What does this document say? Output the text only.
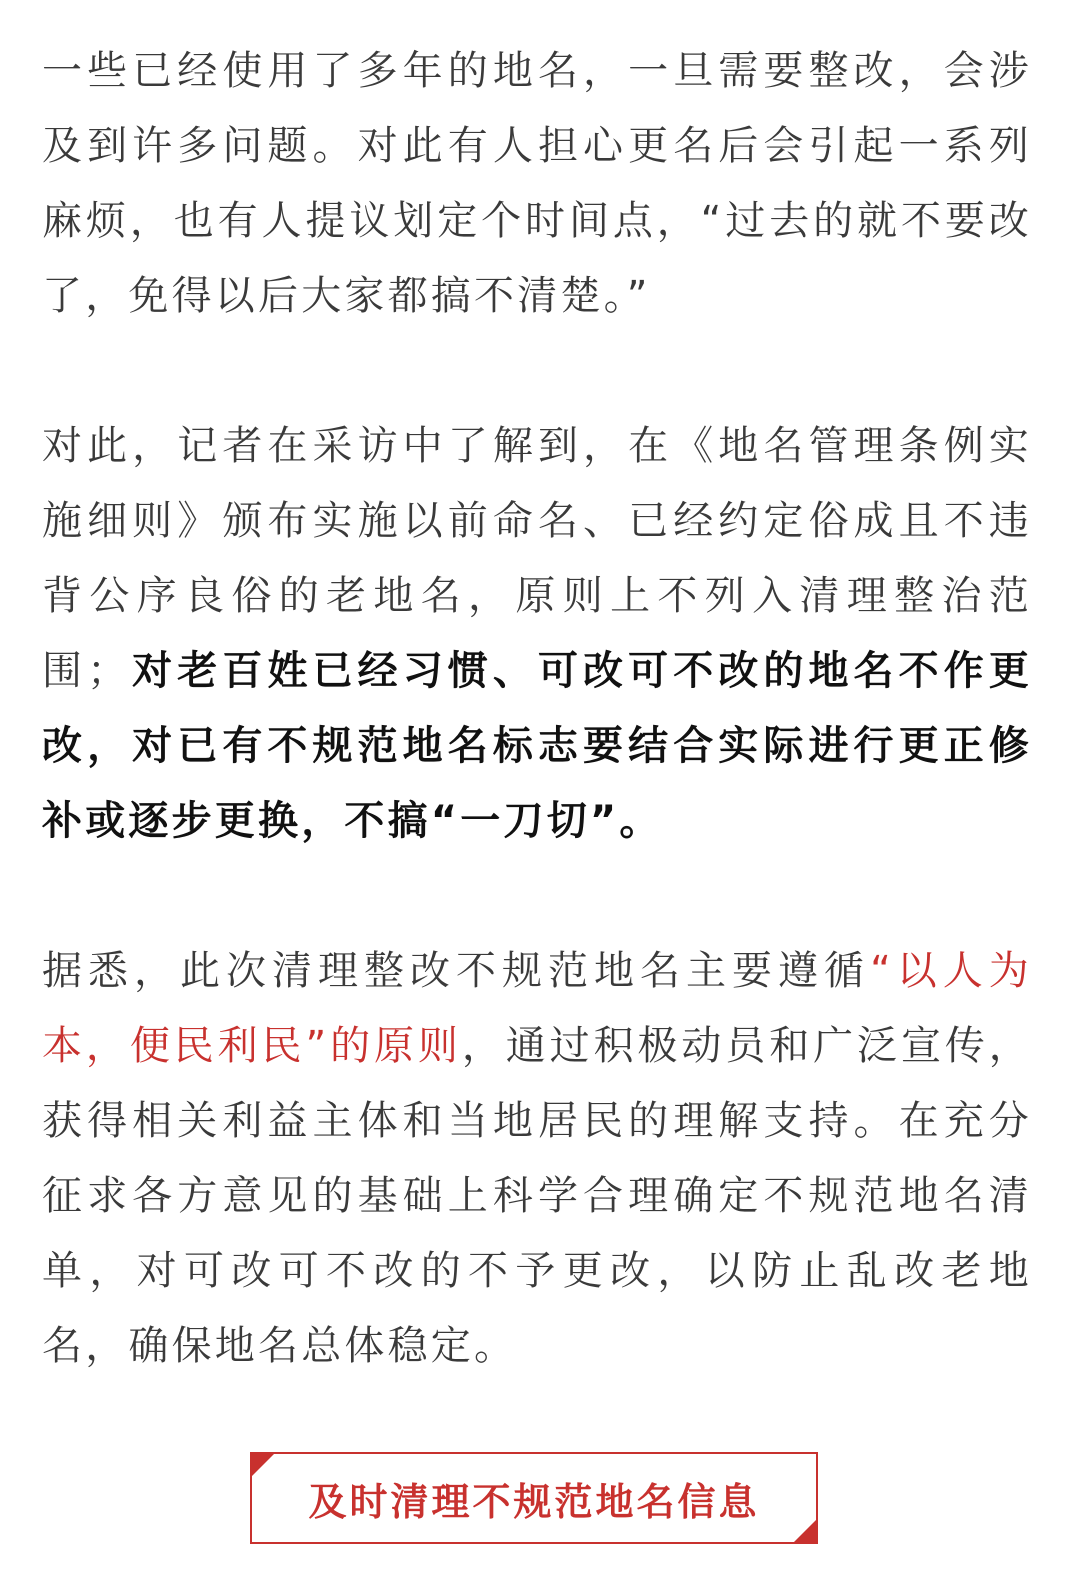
一些已经使用了多年的地名，一旦需要整改，会涉及到许多问题。对此有人担心更名后会引起一系列麻烦，也有人提议划定个时间点，“过去的就不要改了，免得以后大家都搞不清楚。”

对此，记者在采访中了解到，在《地名管理条例实施细则》颁布实施以前命名、已经约定俗成且不违背公序良俗的老地名，原则上不列入清理整治范围；对老百姓已经习惯、可改可不改的地名不作更改，对已有不规范地名标志要结合实际进行更正修补或逐步更换，不搞“一刀切”。

据悉，此次清理整改不规范地名主要遵循“以人为本，便民利民”的原则，通过积极动员和广泛宣传，获得相关利益主体和当地居民的理解支持。在充分征求各方意见的基础上科学合理确定不规范地名清单，对可改可不改的不予更改，以防止乱改老地名，确保地名总体稳定。

及时清理不规范地名信息
